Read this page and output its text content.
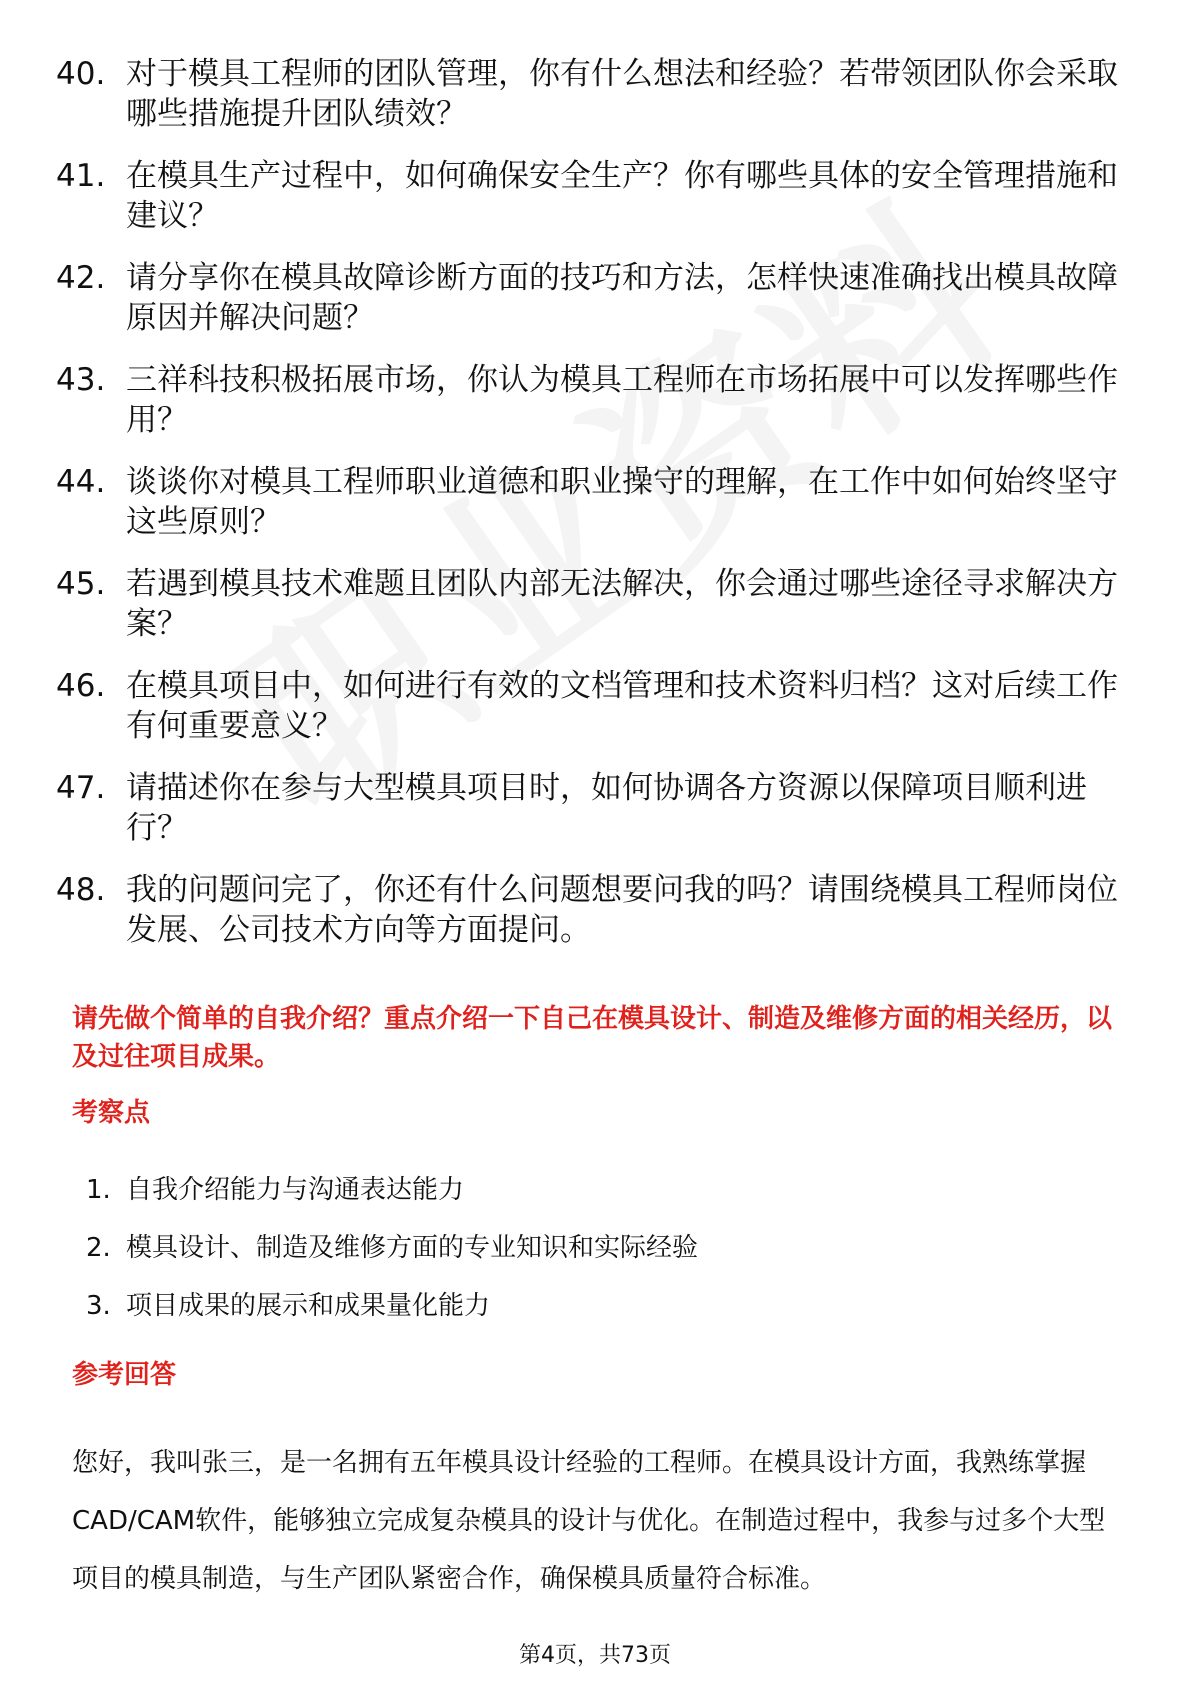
40. 对于模具工程师的团队管理，你有什么想法和经验？若带领团队你会采取哪些措施提升团队绩效？
41. 在模具生产过程中，如何确保安全生产？你有哪些具体的安全管理措施和建议？
42. 请分享你在模具故障诊断方面的技巧和方法，怎样快速准确找出模具故障原因并解决问题？
43. 三祥科技积极拓展市场，你认为模具工程师在市场拓展中可以发挥哪些作用？
44. 谈谈你对模具工程师职业道德和职业操守的理解，在工作中如何始终坚守这些原则？
45. 若遇到模具技术难题且团队内部无法解决，你会通过哪些途径寻求解决方案？
46. 在模具项目中，如何进行有效的文档管理和技术资料归档？这对后续工作有何重要意义？
47. 请描述你在参与大型模具项目时，如何协调各方资源以保障项目顺利进行？
48. 我的问题问完了，你还有什么问题想要问我的吗？请围绕模具工程师岗位发展、公司技术方向等方面提问。
请先做个简单的自我介绍？重点介绍一下自己在模具设计、制造及维修方面的相关经历，以及过往项目成果。
考察点
1. 自我介绍能力与沟通表达能力
2. 模具设计、制造及维修方面的专业知识和实际经验
3. 项目成果的展示和成果量化能力
参考回答
您好，我叫张三，是一名拥有五年模具设计经验的工程师。在模具设计方面，我熟练掌握CAD/CAM软件，能够独立完成复杂模具的设计与优化。在制造过程中，我参与过多个大型项目的模具制造，与生产团队紧密合作，确保模具质量符合标准。
第4页，共73页
